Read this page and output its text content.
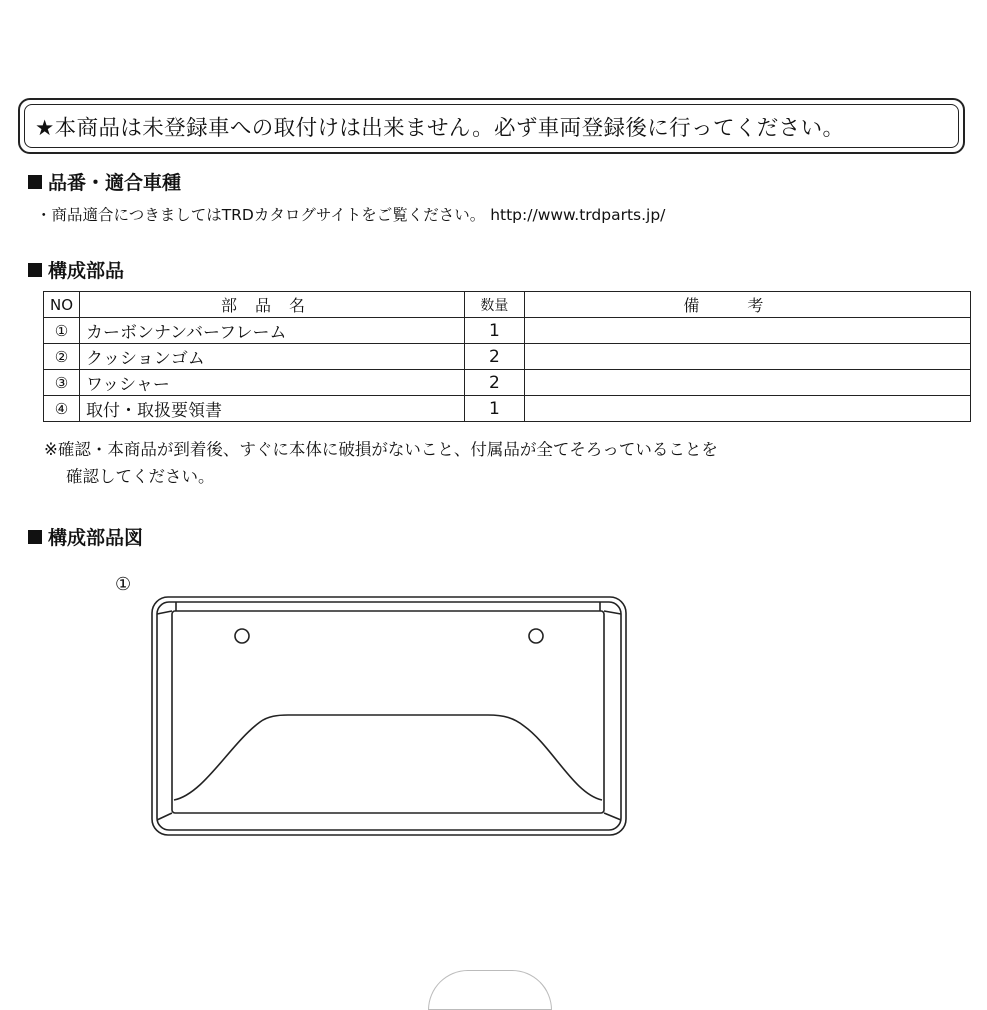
★本商品は未登録車への取付けは出来ません。必ず車両登録後に行ってください。
品番・適合車種
・商品適合につきましてはTRDカタログサイトをご覧ください。 http://www.trdparts.jp/
構成部品
NO	部品名	数量	備考
①	カーボンナンバーフレーム	1	
②	クッションゴム	2	
③	ワッシャー	2	
④	取付・取扱要領書	1	
※確認・本商品が到着後、すぐに本体に破損がないこと、付属品が全てそろっていることを
確認してください。
構成部品図
①
